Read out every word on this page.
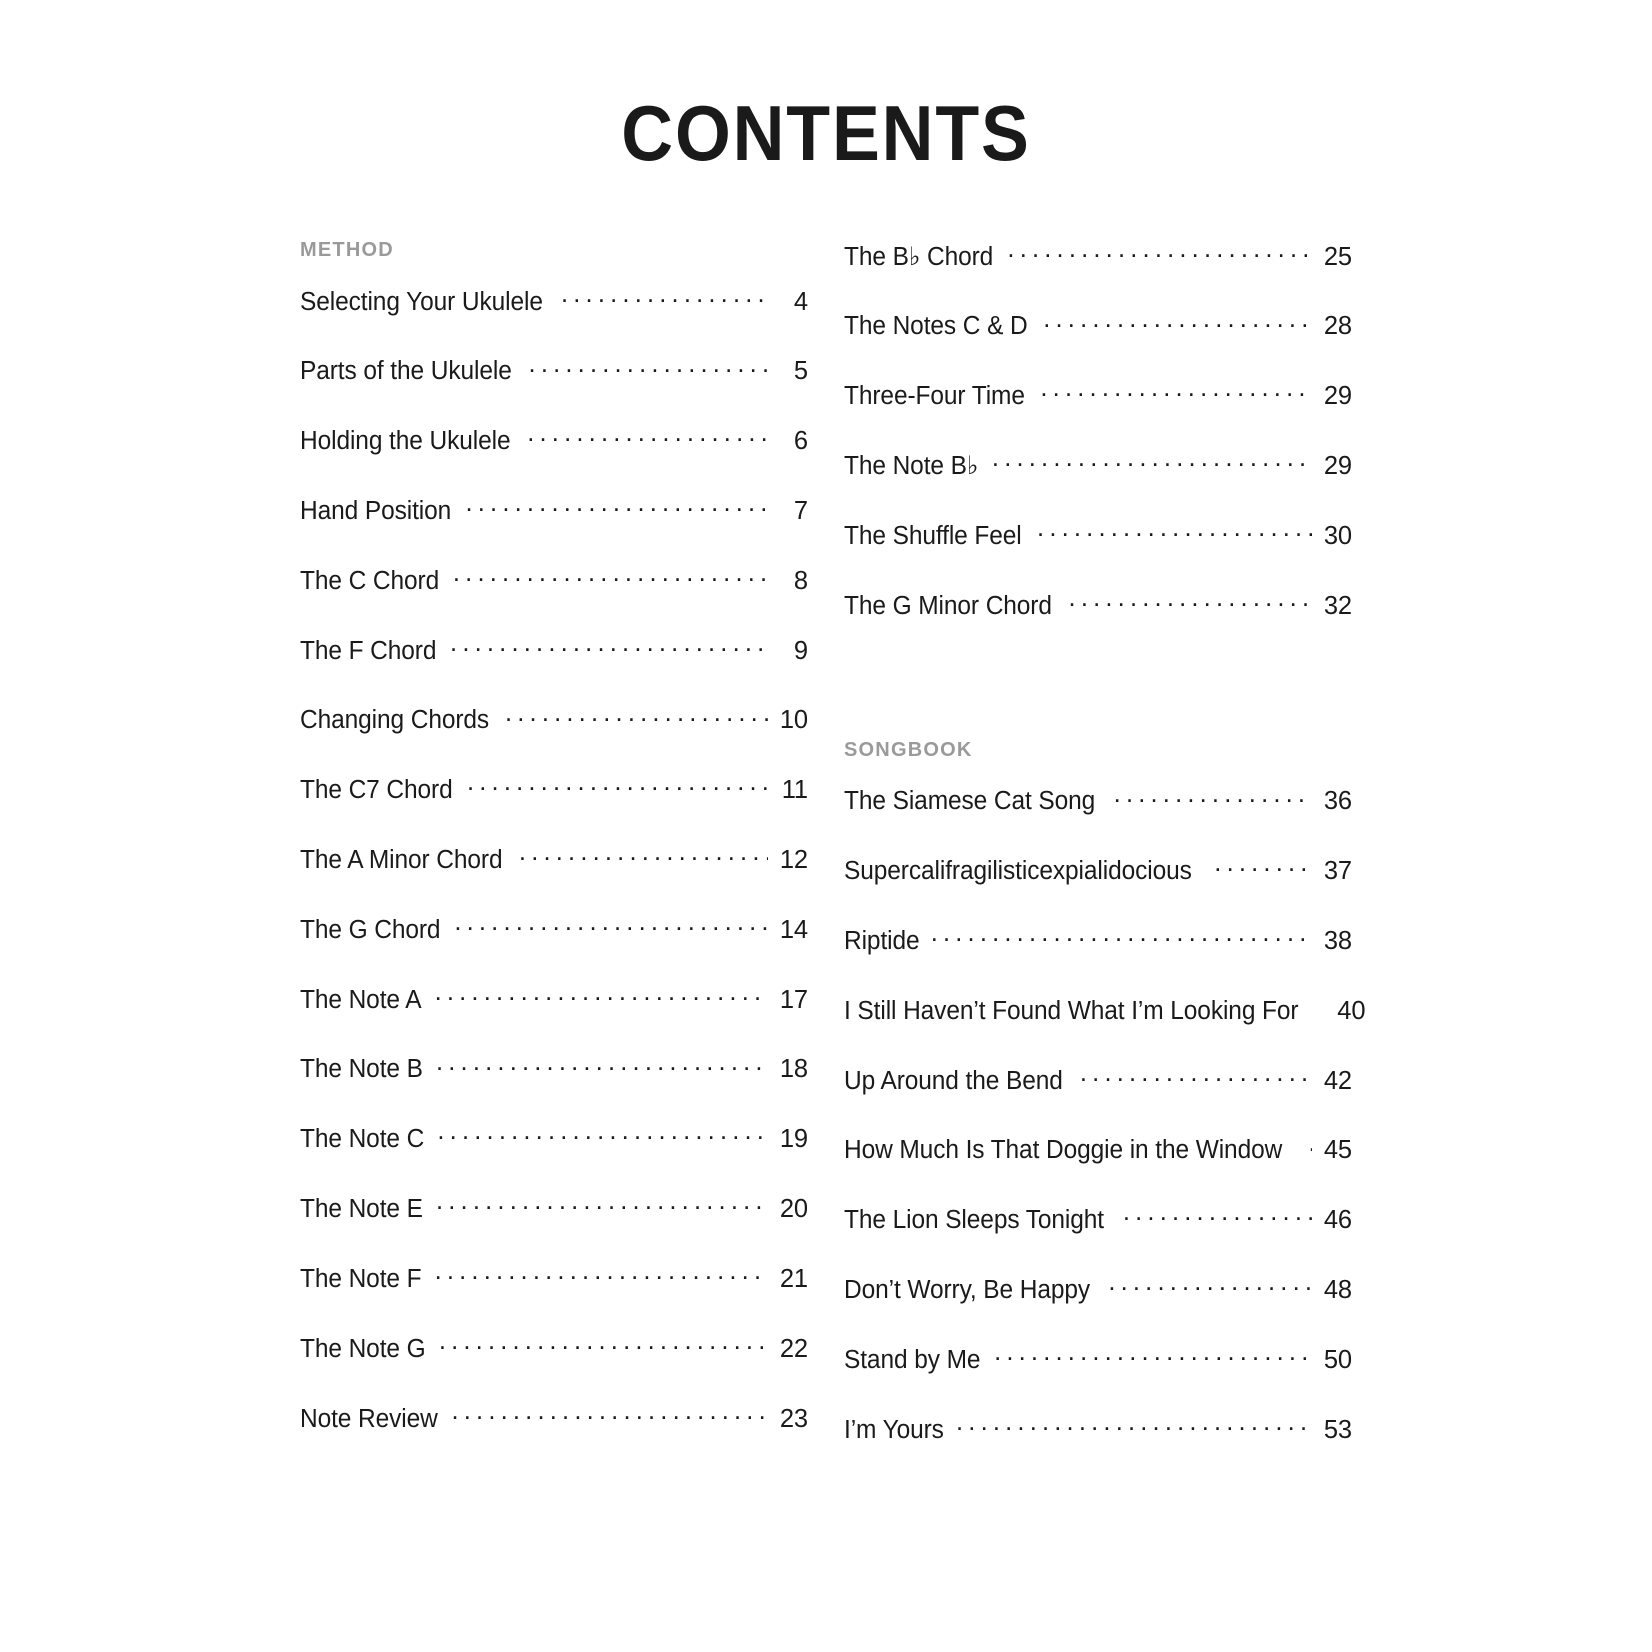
CONTENTS
METHOD
Selecting Your Ukulele .....	4
Parts of the Ukulele .....	5
Holding the Ukulele .....	6
Hand Position .....	7
The C Chord .....	8
The F Chord .....	9
Changing Chords .....	10
The C7 Chord .....	11
The A Minor Chord .....	12
The G Chord .....	14
The Note A .....	17
The Note B .....	18
The Note C .....	19
The Note E .....	20
The Note F .....	21
The Note G .....	22
Note Review .....	23
The B♭ Chord .....	25
The Notes C & D .....	28
Three-Four Time .....	29
The Note B♭ .....	29
The Shuffle Feel .....	30
The G Minor Chord .....	32
SONGBOOK
The Siamese Cat Song .....	36
Supercalifragilisticexpialidocious .....	37
Riptide .....	38
I Still Haven’t Found What I’m Looking For 40
Up Around the Bend .....	42
How Much Is That Doggie in the Window ..... 45
The Lion Sleeps Tonight .....	46
Don’t Worry, Be Happy .....	48
Stand by Me .....	50
I’m Yours .....	53
